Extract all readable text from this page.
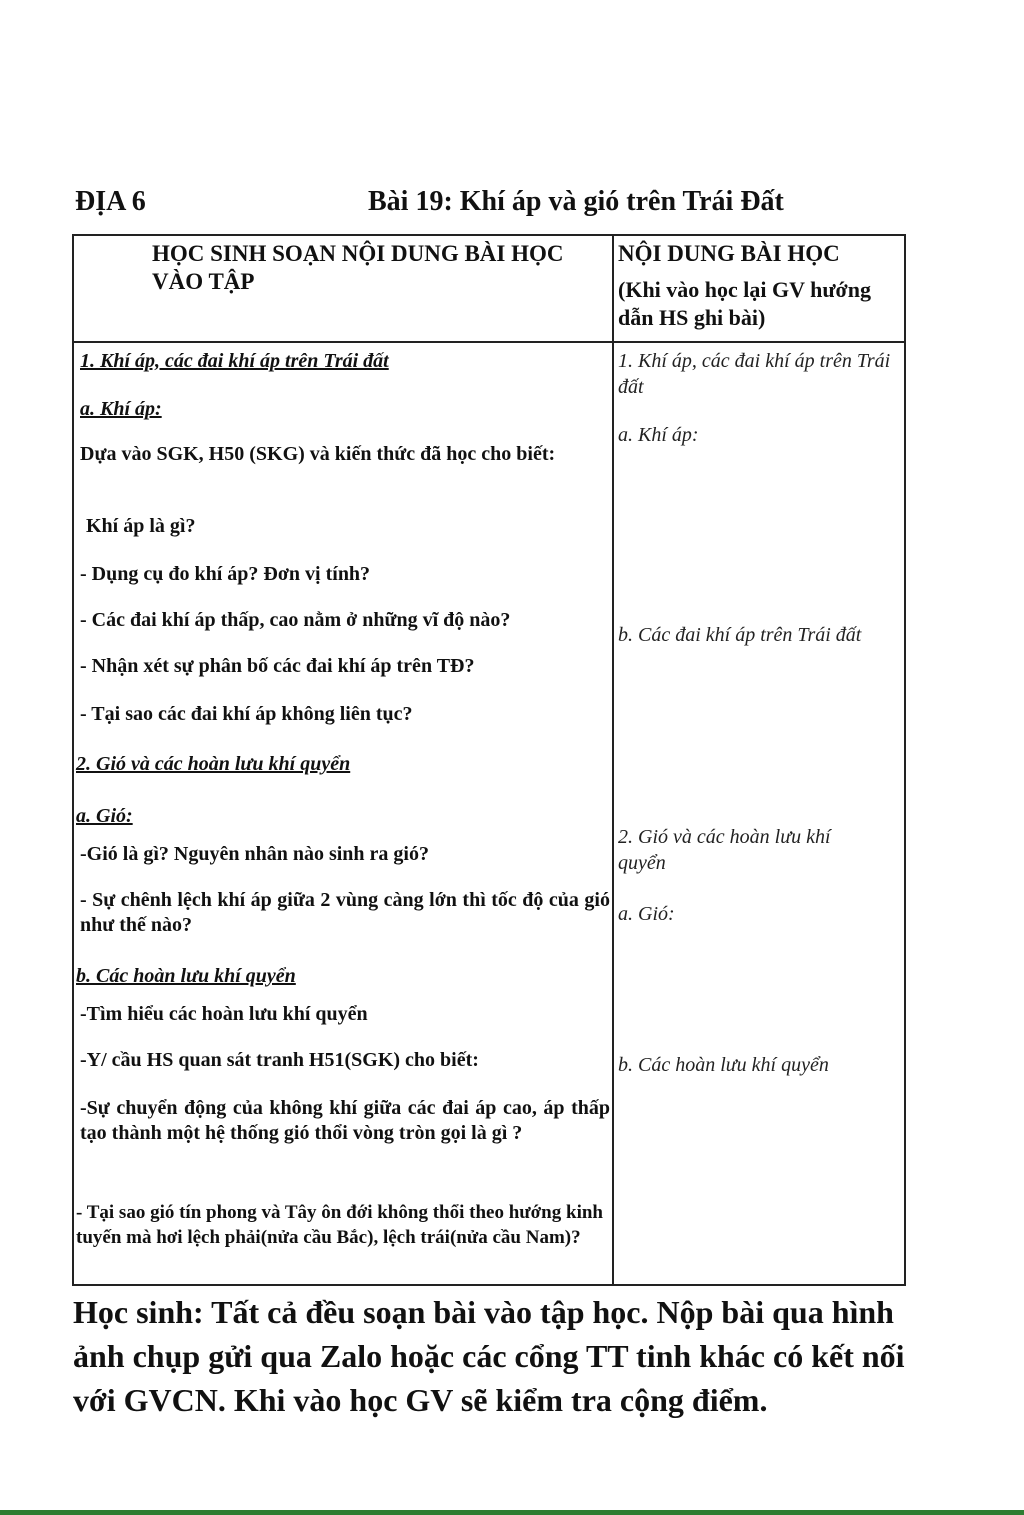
ĐỊA 6	Bài 19: Khí áp và gió trên Trái Đất
HỌC SINH SOẠN NỘI DUNG BÀI HỌC VÀO TẬP
NỘI DUNG BÀI HỌC
(Khi vào học lại GV hướng dẫn HS ghi bài)
1. Khí áp, các đai khí áp trên Trái đất
a. Khí áp:
Dựa vào SGK, H50 (SKG) và kiến thức đã học cho biết:
Khí áp là gì?
- Dụng cụ đo khí áp? Đơn vị tính?
- Các đai khí áp thấp, cao nằm ở những vĩ độ nào?
- Nhận xét sự phân bố các đai khí áp trên TĐ?
- Tại sao các đai khí áp không liên tục?
2. Gió và các hoàn lưu khí quyển
a. Gió:
-Gió là gì? Nguyên nhân nào sinh ra gió?
- Sự chênh lệch khí áp giữa 2 vùng càng lớn thì tốc độ của gió như thế nào?
b. Các hoàn lưu khí quyển
-Tìm hiểu các hoàn lưu khí quyển
-Y/ cầu HS quan sát tranh H51(SGK) cho biết:
-Sự chuyển động của không khí giữa các đai áp cao, áp thấp tạo thành một hệ thống gió thổi vòng tròn gọi là gì ?
- Tại sao gió tín phong và Tây ôn đới không thổi theo hướng kinh tuyến mà hơi lệch phải(nửa cầu Bắc), lệch trái(nửa cầu Nam)?
1. Khí áp, các đai khí áp trên Trái đất
a. Khí áp:
b. Các đai khí áp trên Trái đất
2. Gió và các hoàn lưu khí quyển
a. Gió:
b. Các hoàn lưu khí quyển
Học sinh: Tất cả đều soạn bài vào tập học. Nộp bài qua hình ảnh chụp gửi qua Zalo hoặc các cổng TT tinh khác có kết nối với GVCN. Khi vào học GV sẽ kiểm tra cộng điểm.
